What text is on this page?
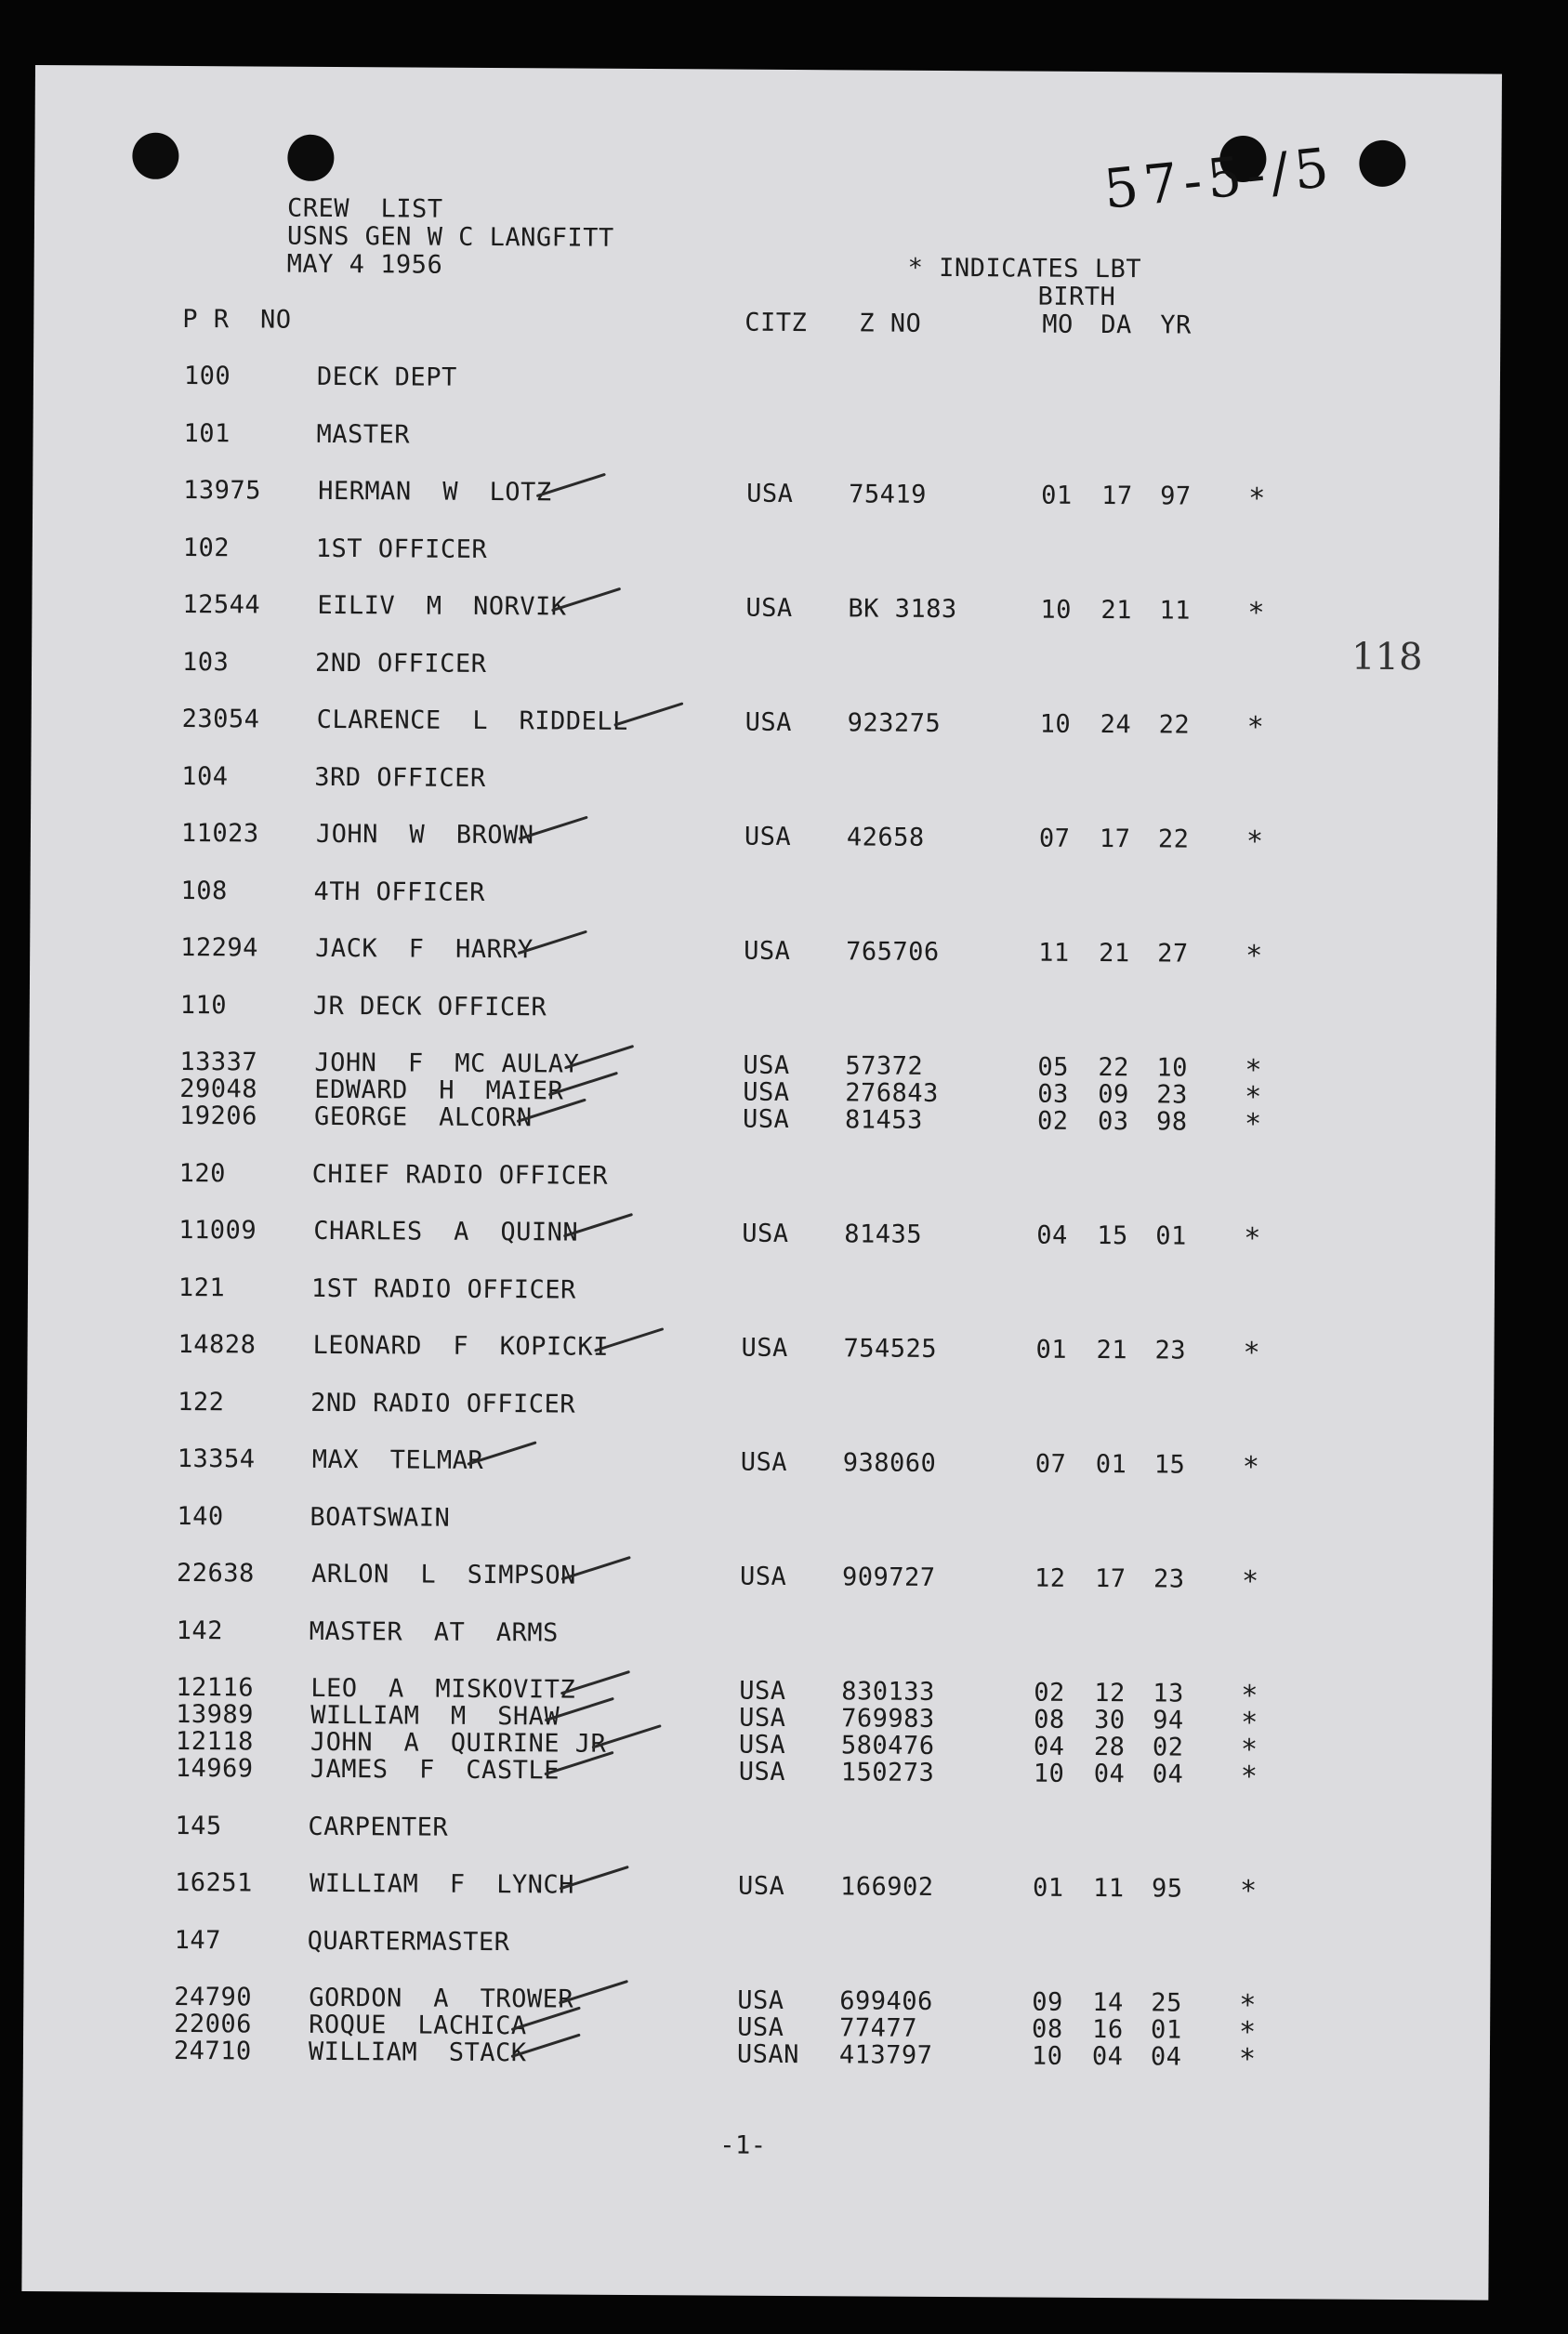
57-5-/5
CREW  LIST
USNS GEN W C LANGFITT
MAY 4 1956	* INDICATES LBT
BIRTH
P R  NO	CITZ Z NO	MO DA YR
118
100	DECK DEPT
101	MASTER
13975 HERMAN  W  LOTZ	USA 75419	01 17 97 *
102	1ST OFFICER
12544 EILIV  M  NORVIK	USA BK 3183	10 21 11 *
103	2ND OFFICER
23054 CLARENCE  L  RIDDELL	USA 923275	10 24 22 *
104	3RD OFFICER
11023 JOHN  W  BROWN	USA 42658	07 17 22 *
108	4TH OFFICER
12294 JACK  F  HARRY	USA 765706	11 21 27 *
110	JR DECK OFFICER
13337 JOHN  F  MC AULAY	USA 57372	05 22 10 *
29048 EDWARD  H  MAIER	USA 276843	03 09 23 *
19206 GEORGE  ALCORN	USA 81453	02 03 98 *
120	CHIEF RADIO OFFICER
11009 CHARLES  A  QUINN	USA 81435	04 15 01 *
121	1ST RADIO OFFICER
14828 LEONARD  F  KOPICKI	USA 754525	01 21 23 *
122	2ND RADIO OFFICER
13354 MAX  TELMAR	USA 938060	07 01 15 *
140	BOATSWAIN
22638 ARLON  L  SIMPSON	USA 909727	12 17 23 *
142	MASTER  AT  ARMS
12116 LEO  A  MISKOVITZ	USA 830133	02 12 13 *
13989 WILLIAM  M  SHAW	USA 769983	08 30 94 *
12118 JOHN  A  QUIRINE JR	USA 580476	04 28 02 *
14969 JAMES  F  CASTLE	USA 150273	10 04 04 *
145	CARPENTER
16251 WILLIAM  F  LYNCH	USA 166902	01 11 95 *
147	QUARTERMASTER
24790 GORDON  A  TROWER	USA 699406	09 14 25 *
22006 ROQUE  LACHICA	USA 77477	08 16 01 *
24710 WILLIAM  STACK	USAN 413797	10 04 04 *
-1-
